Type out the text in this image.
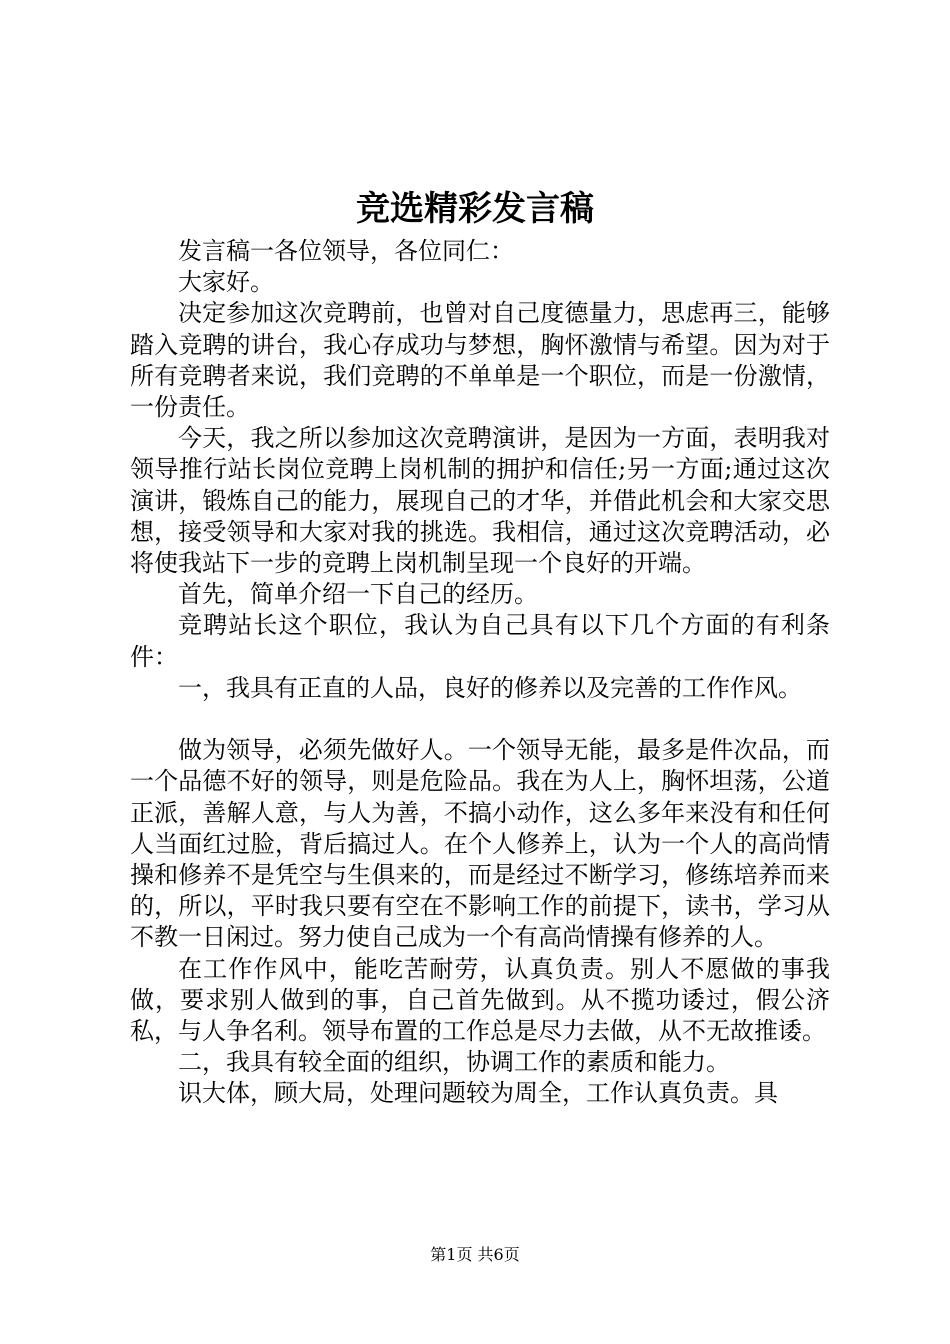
竞选精彩发言稿

发言稿一各位领导，各位同仁：

大家好。

决定参加这次竞聘前，也曾对自己度德量力，思虑再三，能够踏入竞聘的讲台，我心存成功与梦想，胸怀激情与希望。因为对于所有竞聘者来说，我们竞聘的不单单是一个职位，而是一份激情，一份责任。

今天，我之所以参加这次竞聘演讲，是因为一方面，表明我对领导推行站长岗位竞聘上岗机制的拥护和信任;另一方面;通过这次演讲，锻炼自己的能力，展现自己的才华，并借此机会和大家交思想，接受领导和大家对我的挑选。我相信，通过这次竞聘活动，必将使我站下一步的竞聘上岗机制呈现一个良好的开端。

首先，简单介绍一下自己的经历。

竞聘站长这个职位，我认为自己具有以下几个方面的有利条件：

一，我具有正直的人品，良好的修养以及完善的工作作风。

做为领导，必须先做好人。一个领导无能，最多是件次品，而一个品德不好的领导，则是危险品。我在为人上，胸怀坦荡，公道正派，善解人意，与人为善，不搞小动作，这么多年来没有和任何人当面红过脸，背后搞过人。在个人修养上，认为一个人的高尚情操和修养不是凭空与生俱来的，而是经过不断学习，修练培养而来的，所以，平时我只要有空在不影响工作的前提下，读书，学习从不教一日闲过。努力使自己成为一个有高尚情操有修养的人。

在工作作风中，能吃苦耐劳，认真负责。别人不愿做的事我做，要求别人做到的事，自己首先做到。从不揽功诿过，假公济私，与人争名利。领导布置的工作总是尽力去做，从不无故推诿。

二，我具有较全面的组织，协调工作的素质和能力。

识大体，顾大局，处理问题较为周全，工作认真负责。具

第1页 共6页
